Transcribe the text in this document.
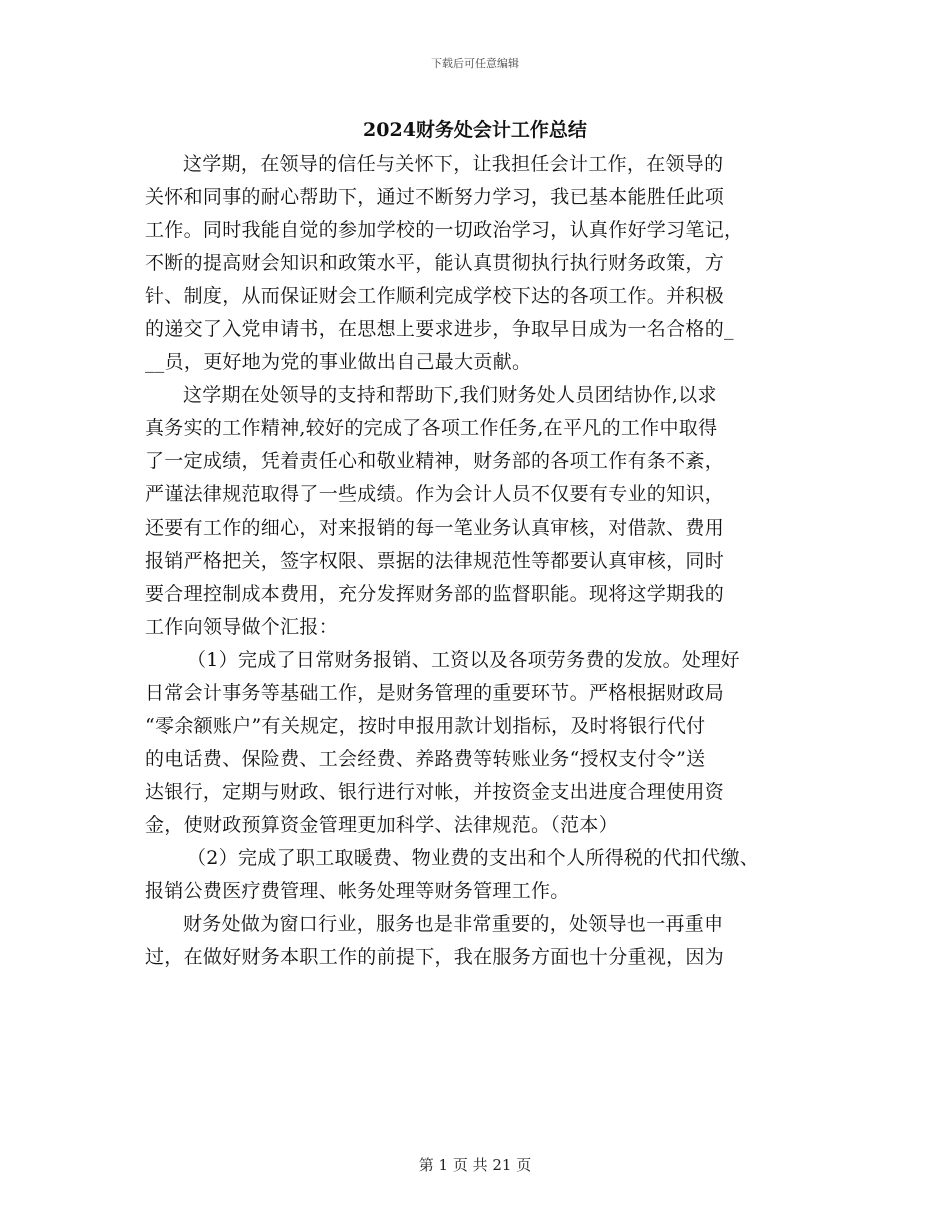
下载后可任意编辑
2024财务处会计工作总结
这学期，在领导的信任与关怀下，让我担任会计工作，在领导的
关怀和同事的耐心帮助下，通过不断努力学习，我已基本能胜任此项
工作。同时我能自觉的参加学校的一切政治学习，认真作好学习笔记，
不断的提高财会知识和政策水平，能认真贯彻执行执行财务政策，方
针、制度，从而保证财会工作顺利完成学校下达的各项工作。并积极
的递交了入党申请书，在思想上要求进步，争取早日成为一名合格的_
__员，更好地为党的事业做出自己最大贡献。
这学期在处领导的支持和帮助下,我们财务处人员团结协作,以求
真务实的工作精神,较好的完成了各项工作任务,在平凡的工作中取得
了一定成绩，凭着责任心和敬业精神，财务部的各项工作有条不紊，
严谨法律规范取得了一些成绩。作为会计人员不仅要有专业的知识，
还要有工作的细心，对来报销的每一笔业务认真审核，对借款、费用
报销严格把关，签字权限、票据的法律规范性等都要认真审核，同时
要合理控制成本费用，充分发挥财务部的监督职能。现将这学期我的
工作向领导做个汇报：
（1）完成了日常财务报销、工资以及各项劳务费的发放。处理好
日常会计事务等基础工作，是财务管理的重要环节。严格根据财政局
“零余额账户”有关规定，按时申报用款计划指标，及时将银行代付
的电话费、保险费、工会经费、养路费等转账业务“授权支付令”送
达银行，定期与财政、银行进行对帐，并按资金支出进度合理使用资
金，使财政预算资金管理更加科学、法律规范。（范本）
（2）完成了职工取暖费、物业费的支出和个人所得税的代扣代缴、
报销公费医疗费管理、帐务处理等财务管理工作。
财务处做为窗口行业，服务也是非常重要的，处领导也一再重申
过，在做好财务本职工作的前提下，我在服务方面也十分重视，因为
第 1 页 共 21 页
